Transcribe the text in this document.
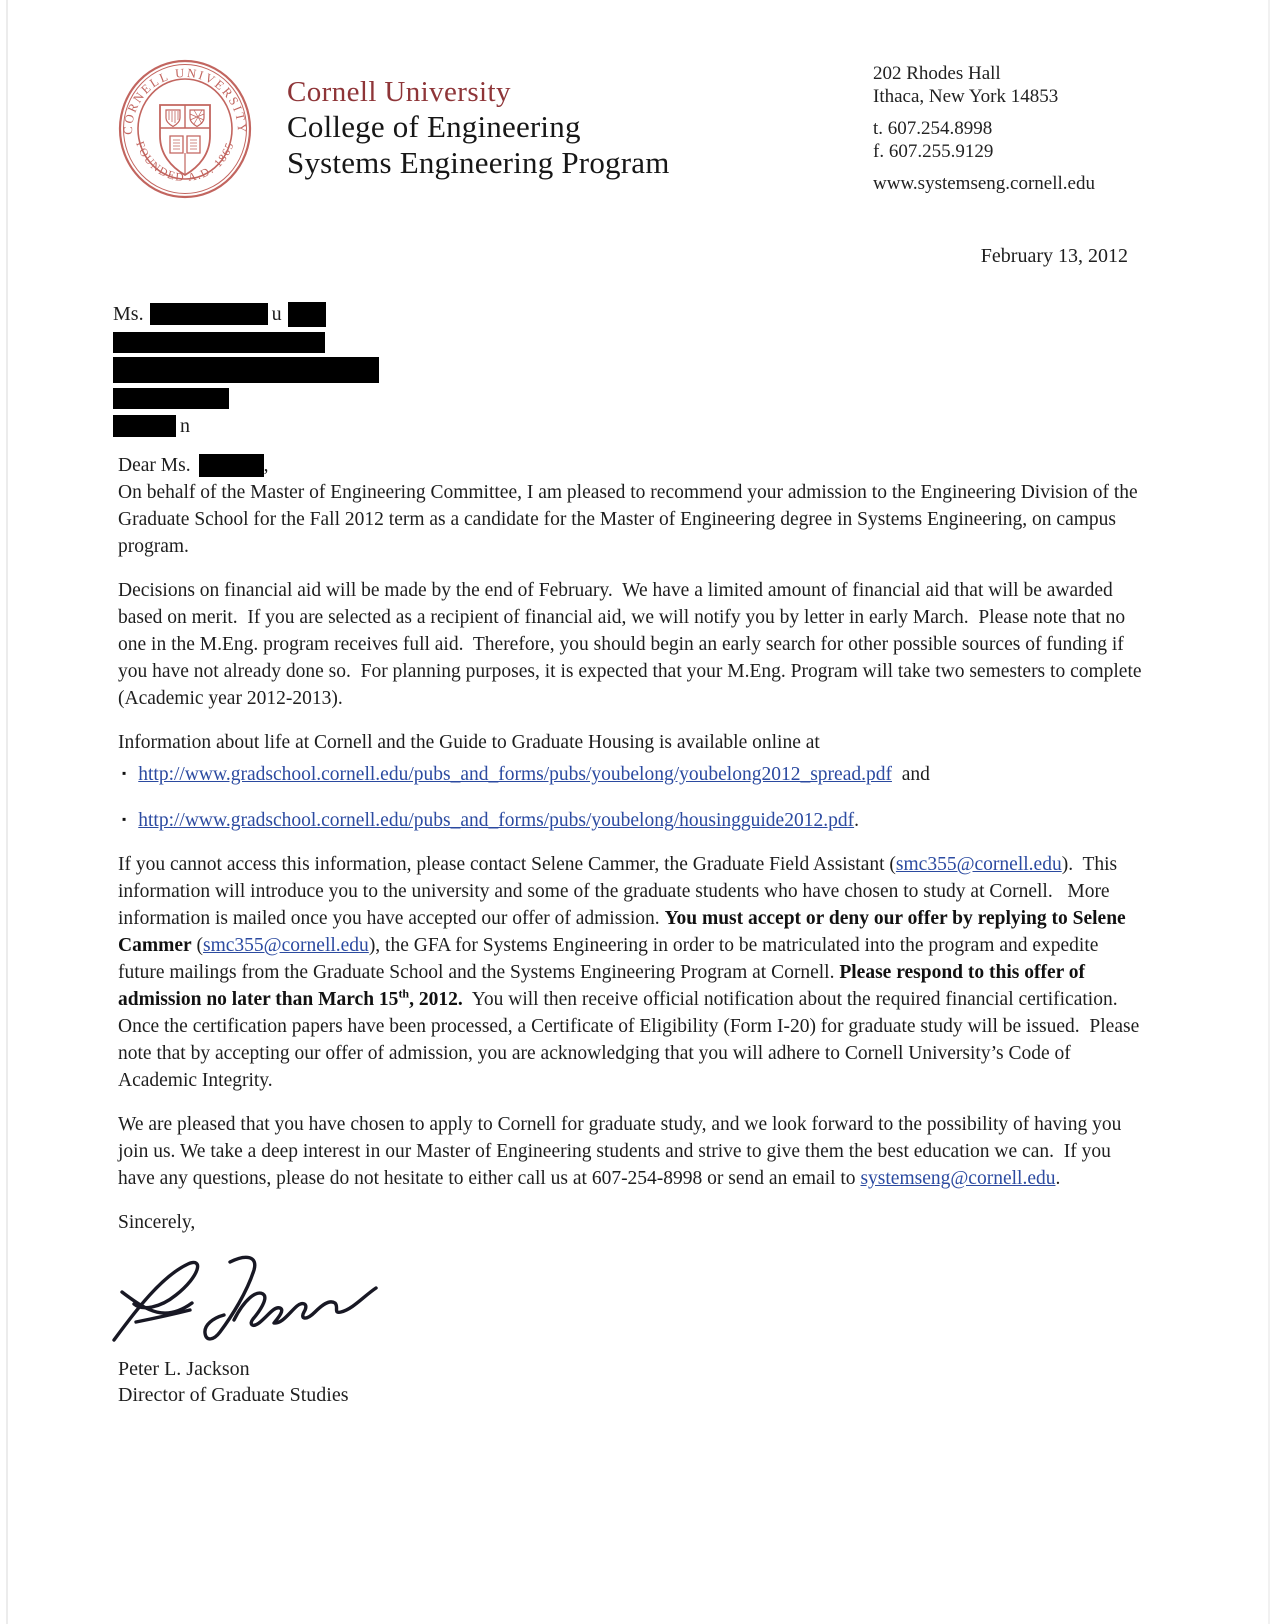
CORNELL UNIVERSITY
FOUNDED A.D. 1865
Cornell University
College of Engineering
Systems Engineering Program
202 Rhodes Hall
Ithaca, New York 14853
t. 607.254.8998
f. 607.255.9129
www.systemseng.cornell.edu
February 13, 2012
Ms.	u
n
Dear Ms.	,

On behalf of the Master of Engineering Committee, I am pleased to recommend your admission to the Engineering Division of the Graduate School for the Fall 2012 term as a candidate for the Master of Engineering degree in Systems Engineering, on campus program.

Decisions on financial aid will be made by the end of February.  We have a limited amount of financial aid that will be awarded based on merit.  If you are selected as a recipient of financial aid, we will notify you by letter in early March.  Please note that no one in the M.Eng. program receives full aid.  Therefore, you should begin an early search for other possible sources of funding if you have not already done so.  For planning purposes, it is expected that your M.Eng. Program will take two semesters to complete (Academic year 2012-2013).

Information about life at Cornell and the Guide to Graduate Housing is available online at

▪ http://www.gradschool.cornell.edu/pubs_and_forms/pubs/youbelong/youbelong2012_spread.pdf  and
▪ http://www.gradschool.cornell.edu/pubs_and_forms/pubs/youbelong/housingguide2012.pdf.

If you cannot access this information, please contact Selene Cammer, the Graduate Field Assistant (smc355@cornell.edu).  This information will introduce you to the university and some of the graduate students who have chosen to study at Cornell.   More information is mailed once you have accepted our offer of admission. You must accept or deny our offer by replying to Selene Cammer (smc355@cornell.edu), the GFA for Systems Engineering in order to be matriculated into the program and expedite future mailings from the Graduate School and the Systems Engineering Program at Cornell. Please respond to this offer of admission no later than March 15th, 2012.  You will then receive official notification about the required financial certification. Once the certification papers have been processed, a Certificate of Eligibility (Form I-20) for graduate study will be issued.  Please note that by accepting our offer of admission, you are acknowledging that you will adhere to Cornell University’s Code of Academic Integrity.

We are pleased that you have chosen to apply to Cornell for graduate study, and we look forward to the possibility of having you join us. We take a deep interest in our Master of Engineering students and strive to give them the best education we can.  If you have any questions, please do not hesitate to either call us at 607-254-8998 or send an email to systemseng@cornell.edu.

Sincerely,
Peter L. Jackson
Director of Graduate Studies
